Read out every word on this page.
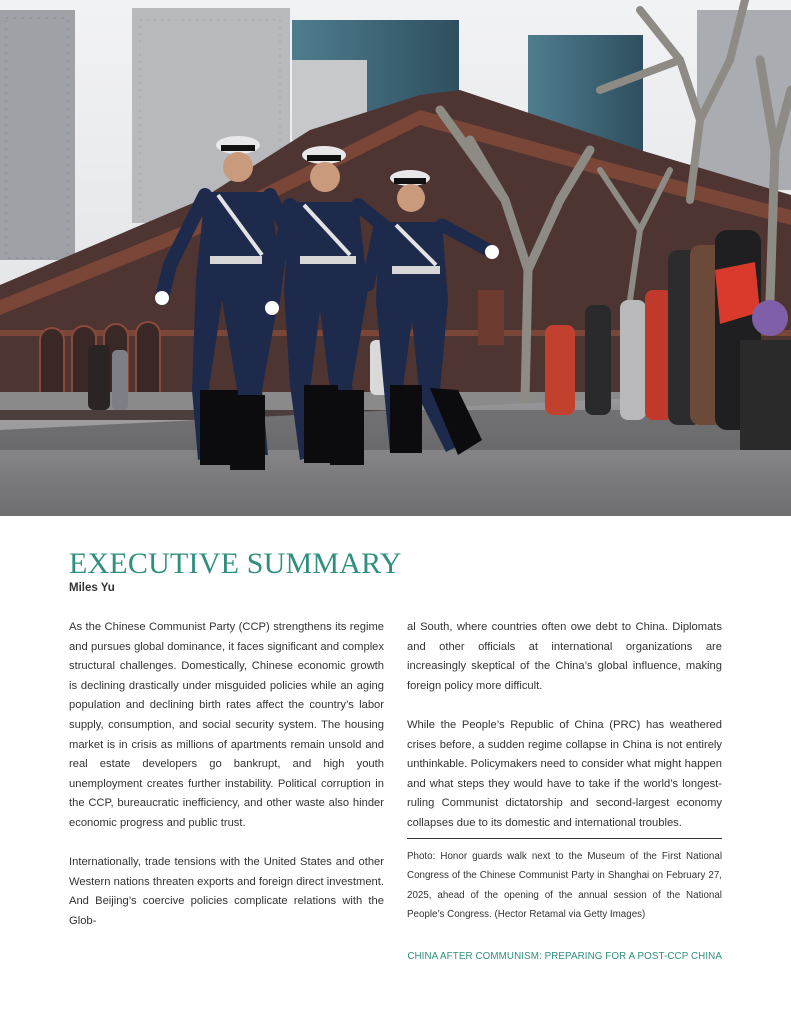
EXECUTIVE SUMMARY

Miles Yu

As the Chinese Communist Party (CCP) strengthens its regime and pursues global dominance, it faces significant and complex structural challenges. Domestically, Chinese economic growth is declining drastically under misguided policies while an aging population and declining birth rates affect the country’s labor supply, consumption, and social security system. The housing market is in crisis as millions of apartments remain unsold and real estate developers go bankrupt, and high youth unemployment creates further instability. Political corruption in the CCP, bureaucratic inefficiency, and other waste also hinder economic progress and public trust.

Internationally, trade tensions with the United States and other Western nations threaten exports and foreign direct investment. And Beijing’s coercive policies complicate relations with the Glob-

al South, where countries often owe debt to China. Diplomats and other officials at international organizations are increasingly skeptical of the China’s global influence, making foreign policy more difficult.

While the People’s Republic of China (PRC) has weathered crises before, a sudden regime collapse in China is not entirely unthinkable. Policymakers need to consider what might happen and what steps they would have to take if the world’s longest-ruling Communist dictatorship and second-largest economy collapses due to its domestic and international troubles.

Photo: Honor guards walk next to the Museum of the First National Congress of the Chinese Communist Party in Shanghai on February 27, 2025, ahead of the opening of the annual session of the National People’s Congress. (Hector Retamal via Getty Images)
CHINA AFTER COMMUNISM: PREPARING FOR A POST-CCP CHINA
